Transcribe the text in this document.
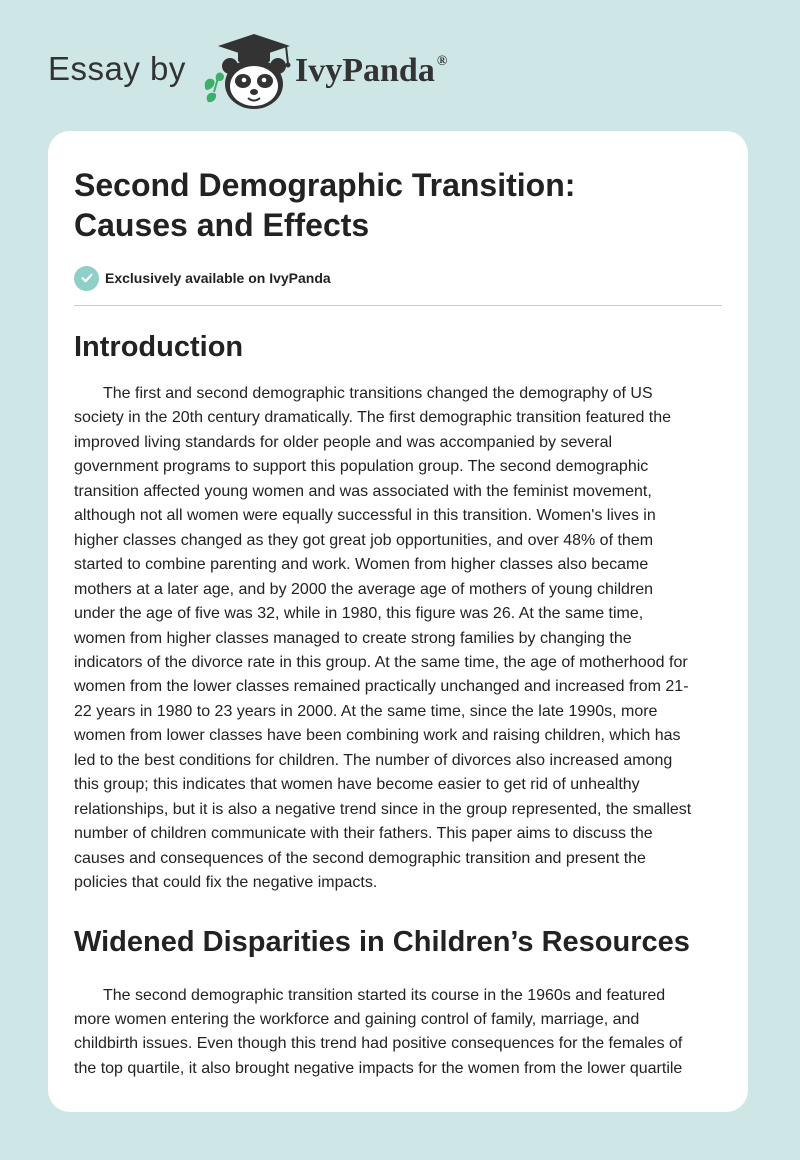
Essay by	IvyPanda ®
Second Demographic Transition:
Causes and Effects
Exclusively available on IvyPanda
Introduction

The first and second demographic transitions changed the demography of US
society in the 20th century dramatically. The first demographic transition featured the
improved living standards for older people and was accompanied by several
government programs to support this population group. The second demographic
transition affected young women and was associated with the feminist movement,
although not all women were equally successful in this transition. Women's lives in
higher classes changed as they got great job opportunities, and over 48% of them
started to combine parenting and work. Women from higher classes also became
mothers at a later age, and by 2000 the average age of mothers of young children
under the age of five was 32, while in 1980, this figure was 26. At the same time,
women from higher classes managed to create strong families by changing the
indicators of the divorce rate in this group. At the same time, the age of motherhood for
women from the lower classes remained practically unchanged and increased from 21-
22 years in 1980 to 23 years in 2000. At the same time, since the late 1990s, more
women from lower classes have been combining work and raising children, which has
led to the best conditions for children. The number of divorces also increased among
this group; this indicates that women have become easier to get rid of unhealthy
relationships, but it is also a negative trend since in the group represented, the smallest
number of children communicate with their fathers. This paper aims to discuss the
causes and consequences of the second demographic transition and present the
policies that could fix the negative impacts.

Widened Disparities in Children’s Resources

The second demographic transition started its course in the 1960s and featured
more women entering the workforce and gaining control of family, marriage, and
childbirth issues. Even though this trend had positive consequences for the females of
the top quartile, it also brought negative impacts for the women from the lower quartile
